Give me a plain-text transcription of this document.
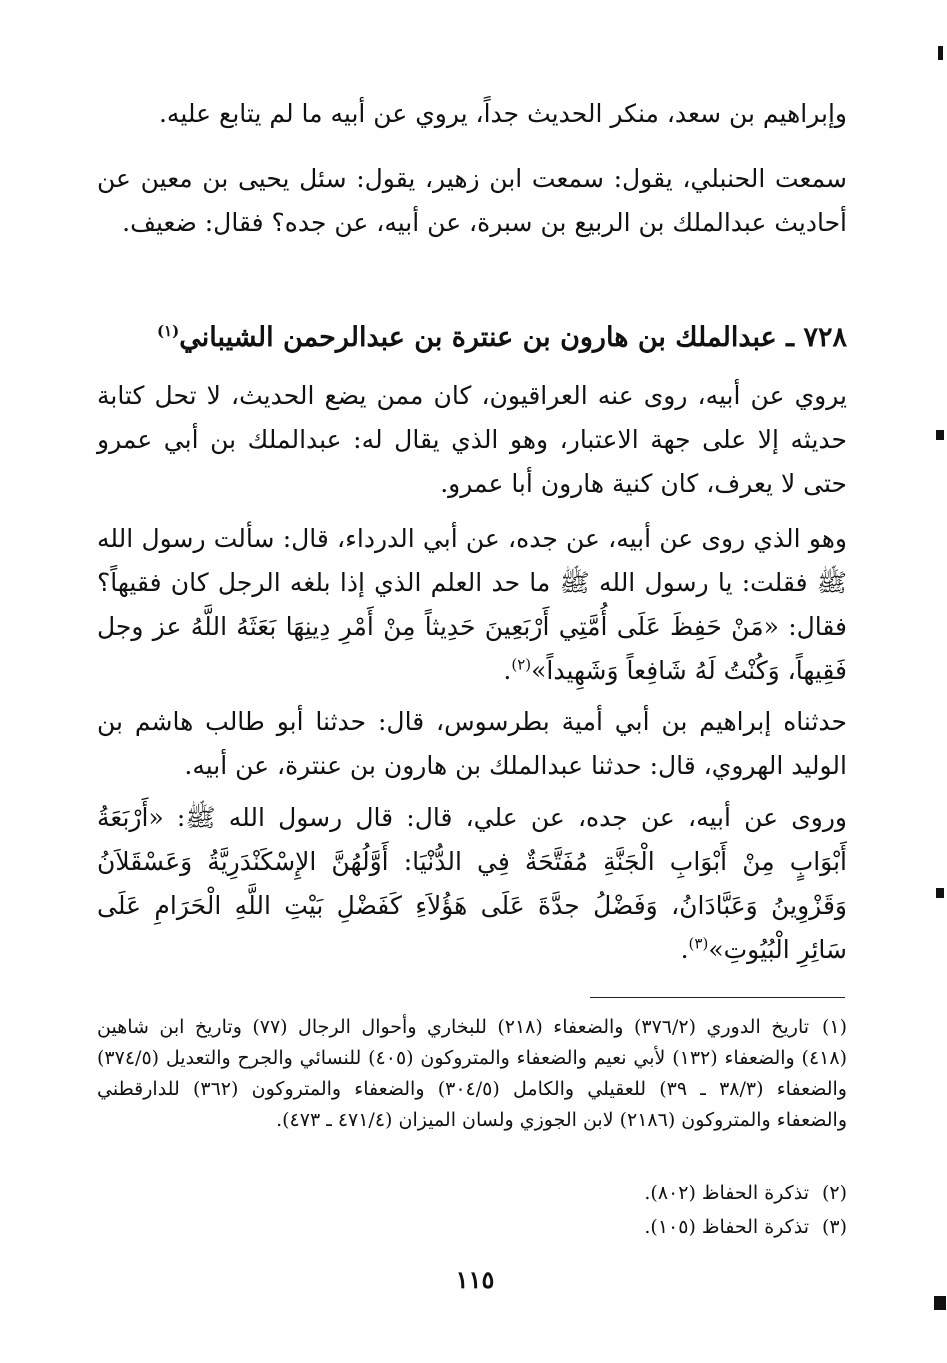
وإبراهيم بن سعد، منكر الحديث جداً، يروي عن أبيه ما لم يتابع عليه.

سمعت الحنبلي، يقول: سمعت ابن زهير، يقول: سئل يحيى بن معين عن أحاديث عبدالملك بن الربيع بن سبرة، عن أبيه، عن جده؟ فقال: ضعيف.

٧٢٨ ـ عبدالملك بن هارون بن عنترة بن عبدالرحمن الشيباني$^{(١)}$

يروي عن أبيه، روى عنه العراقيون، كان ممن يضع الحديث، لا تحل كتابة حديثه إلا على جهة الاعتبار، وهو الذي يقال له: عبدالملك بن أبي عمرو حتى لا يعرف، كان كنية هارون أبا عمرو.

وهو الذي روى عن أبيه، عن جده، عن أبي الدرداء، قال: سألت رسول الله ﷺ فقلت: يا رسول الله ﷺ ما حد العلم الذي إذا بلغه الرجل كان فقيهاً؟ فقال: «مَنْ حَفِظَ عَلَى أُمَّتِي أَرْبَعِينَ حَدِيثاً مِنْ أَمْرِ دِينِهَا بَعَثَهُ اللَّهُ عز وجل فَقِيهاً، وَكُنْتُ لَهُ شَافِعاً وَشَهِيداً»$^{(٢)}$.

حدثناه إبراهيم بن أبي أمية بطرسوس، قال: حدثنا أبو طالب هاشم بن الوليد الهروي، قال: حدثنا عبدالملك بن هارون بن عنترة، عن أبيه.

وروى عن أبيه، عن جده، عن علي، قال: قال رسول الله ﷺ: «أَرْبَعَةُ أَبْوَابٍ مِنْ أَبْوَابِ الْجَنَّةِ مُفَتَّحَةٌ فِي الدُّنْيَا: أَوَّلُهُنَّ الإِسْكَنْدَرِيَّةُ وَعَسْقَلاَنُ وَقَزْوِينُ وَعَبَّادَانُ، وَفَضْلُ جدَّةَ عَلَى هَؤُلاَءِ كَفَضْلِ بَيْتِ اللَّهِ الْحَرَامِ عَلَى سَائِرِ الْبُيُوتِ»$^{(٣)}$.

(١)تاريخ الدوري (٣٧٦/٢) والضعفاء (٢١٨) للبخاري وأحوال الرجال (٧٧) وتاريخ ابن شاهين (٤١٨) والضعفاء (١٣٢) لأبي نعيم والضعفاء والمتروكون (٤٠٥) للنسائي والجرح والتعديل (٣٧٤/٥) والضعفاء (٣٨/٣ ـ ٣٩) للعقيلي والكامل (٣٠٤/٥) والضعفاء والمتروكون (٣٦٢) للدارقطني والضعفاء والمتروكون (٢١٨٦) لابن الجوزي ولسان الميزان (٤٧١/٤ ـ ٤٧٣).

(٢)تذكرة الحفاظ (٨٠٢).

(٣)تذكرة الحفاظ (١٠٥).

١١٥
